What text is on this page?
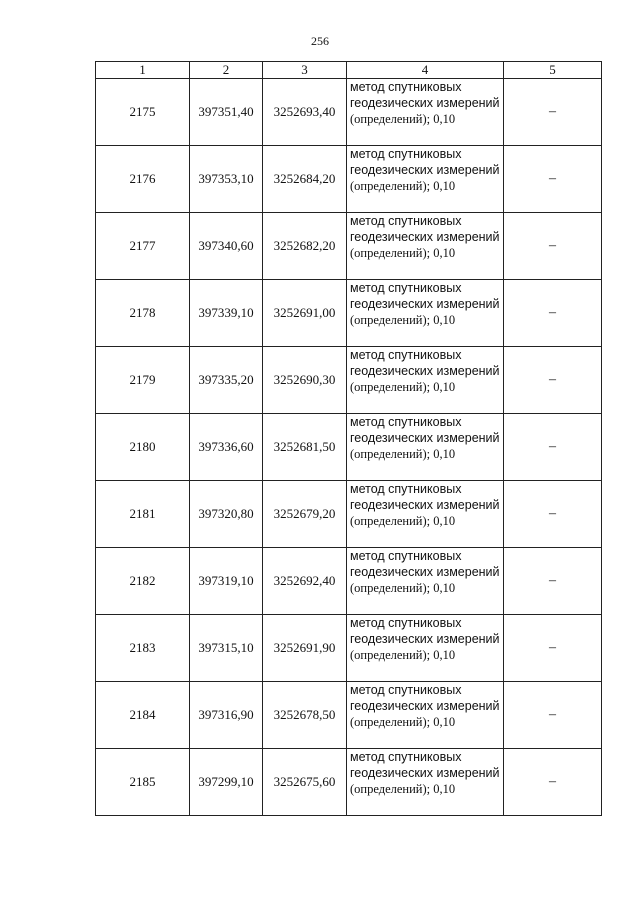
256
1	2	3	4	5
2175	397351,40	3252693,40	метод спутниковых геодезических измерений
(определений); 0,10	–
2176	397353,10	3252684,20	метод спутниковых геодезических измерений
(определений); 0,10	–
2177	397340,60	3252682,20	метод спутниковых геодезических измерений
(определений); 0,10	–
2178	397339,10	3252691,00	метод спутниковых геодезических измерений
(определений); 0,10	–
2179	397335,20	3252690,30	метод спутниковых геодезических измерений
(определений); 0,10	–
2180	397336,60	3252681,50	метод спутниковых геодезических измерений
(определений); 0,10	–
2181	397320,80	3252679,20	метод спутниковых геодезических измерений
(определений); 0,10	–
2182	397319,10	3252692,40	метод спутниковых геодезических измерений
(определений); 0,10	–
2183	397315,10	3252691,90	метод спутниковых геодезических измерений
(определений); 0,10	–
2184	397316,90	3252678,50	метод спутниковых геодезических измерений
(определений); 0,10	–
2185	397299,10	3252675,60	метод спутниковых геодезических измерений
(определений); 0,10	–
